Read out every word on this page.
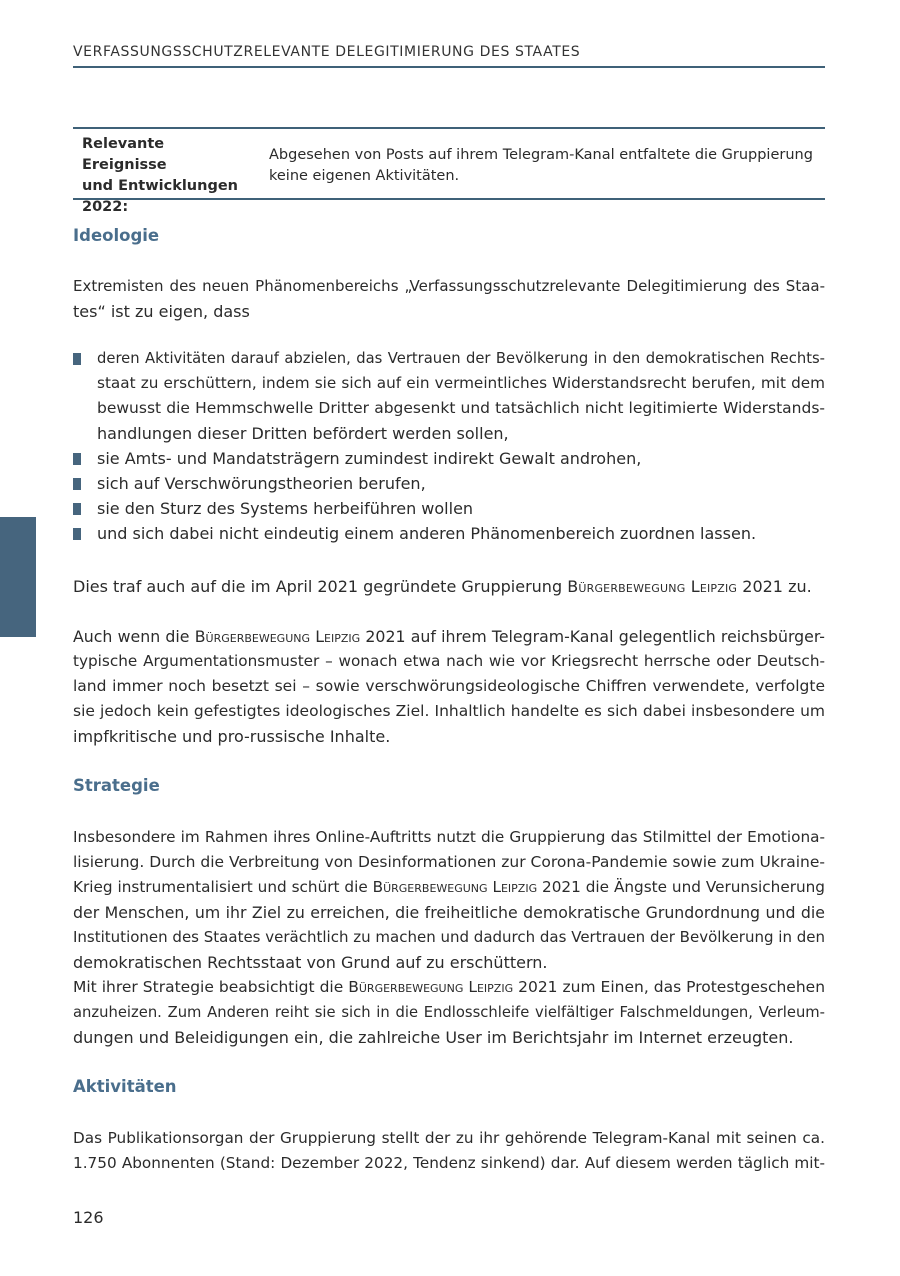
VERFASSUNGSSCHUTZRELEVANTE DELEGITIMIERUNG DES STAATES
Relevante Ereignisse
und Entwicklungen
2022:
Abgesehen von Posts auf ihrem Telegram-Kanal entfaltete die Gruppierung
keine eigenen Aktivitäten.
Ideologie
Extremisten des neuen Phänomenbereichs „Verfassungsschutzrelevante Delegitimierung des Staa-
tes“ ist zu eigen, dass
deren Aktivitäten darauf abzielen, das Vertrauen der Bevölkerung in den demokratischen Rechts-
staat zu erschüttern, indem sie sich auf ein vermeintliches Widerstandsrecht berufen, mit dem
bewusst die Hemmschwelle Dritter abgesenkt und tatsächlich nicht legitimierte Widerstands-
handlungen dieser Dritten befördert werden sollen,
sie Amts- und Mandatsträgern zumindest indirekt Gewalt androhen,
sich auf Verschwörungstheorien berufen,
sie den Sturz des Systems herbeiführen wollen
und sich dabei nicht eindeutig einem anderen Phänomenbereich zuordnen lassen.
Dies traf auch auf die im April 2021 gegründete Gruppierung Bürgerbewegung Leipzig 2021 zu.
Auch wenn die Bürgerbewegung Leipzig 2021 auf ihrem Telegram-Kanal gelegentlich reichsbürger-
typische Argumentationsmuster – wonach etwa nach wie vor Kriegsrecht herrsche oder Deutsch-
land immer noch besetzt sei – sowie verschwörungsideologische Chiffren verwendete, verfolgte
sie jedoch kein gefestigtes ideologisches Ziel. Inhaltlich handelte es sich dabei insbesondere um
impfkritische und pro-russische Inhalte.
Strategie
Insbesondere im Rahmen ihres Online-Auftritts nutzt die Gruppierung das Stilmittel der Emotiona-
lisierung. Durch die Verbreitung von Desinformationen zur Corona-Pandemie sowie zum Ukraine-
Krieg instrumentalisiert und schürt die Bürgerbewegung Leipzig 2021 die Ängste und Verunsicherung
der Menschen, um ihr Ziel zu erreichen, die freiheitliche demokratische Grundordnung und die
Institutionen des Staates verächtlich zu machen und dadurch das Vertrauen der Bevölkerung in den
demokratischen Rechtsstaat von Grund auf zu erschüttern.
Mit ihrer Strategie beabsichtigt die Bürgerbewegung Leipzig 2021 zum Einen, das Protestgeschehen
anzuheizen. Zum Anderen reiht sie sich in die Endlosschleife vielfältiger Falschmeldungen, Verleum-
dungen und Beleidigungen ein, die zahlreiche User im Berichtsjahr im Internet erzeugten.
Aktivitäten
Das Publikationsorgan der Gruppierung stellt der zu ihr gehörende Telegram-Kanal mit seinen ca.
1.750 Abonnenten (Stand: Dezember 2022, Tendenz sinkend) dar. Auf diesem werden täglich mit-
126
